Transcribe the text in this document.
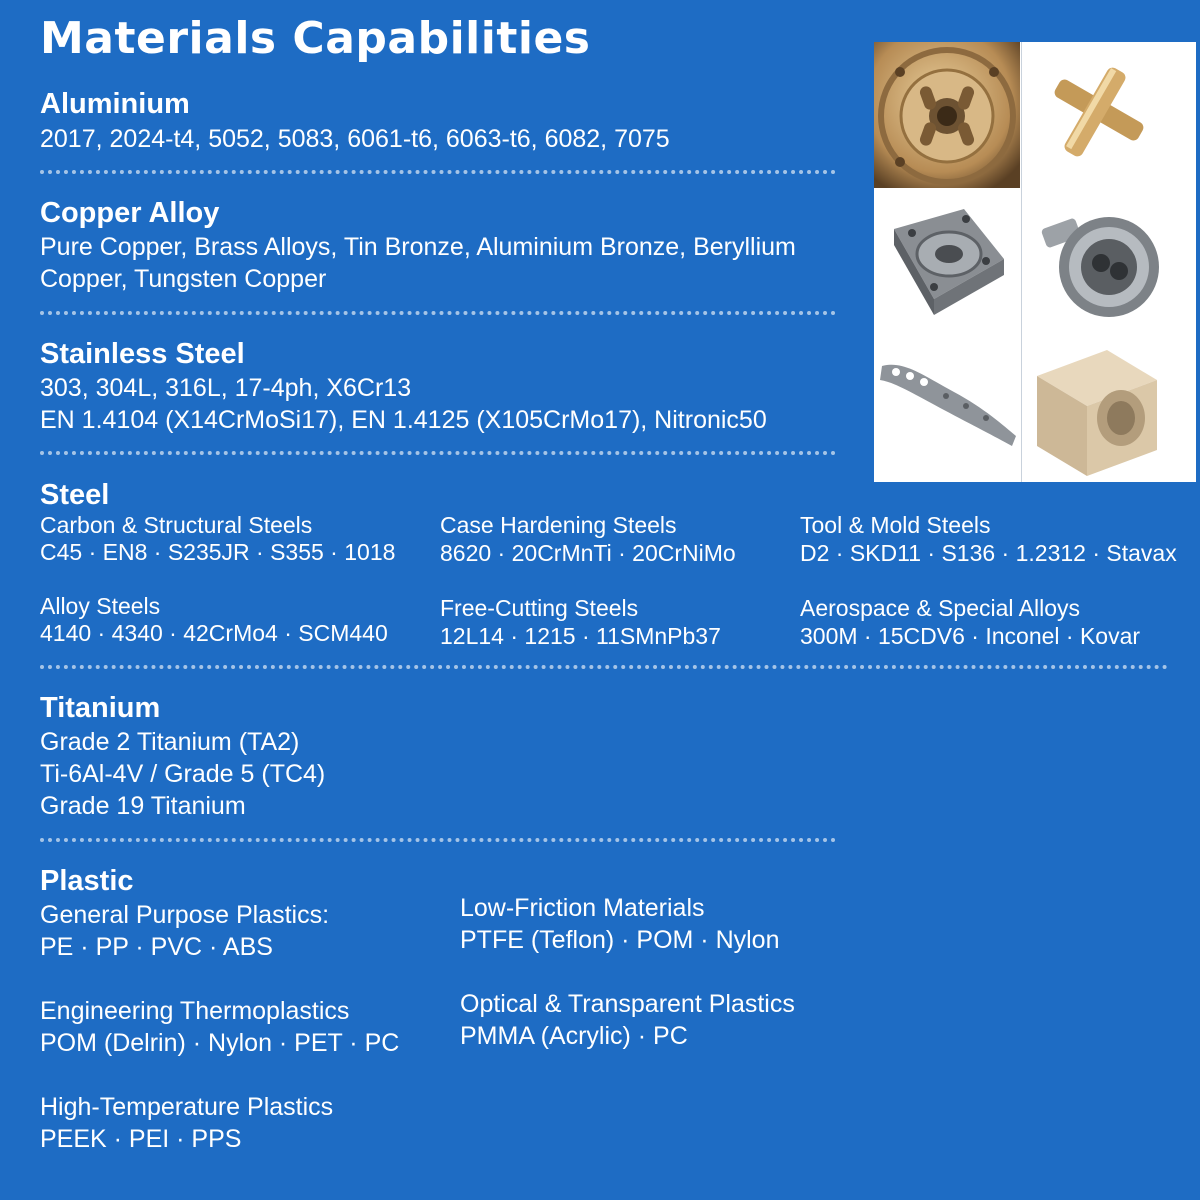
Materials Capabilities
Aluminium
2017, 2024-t4, 5052, 5083, 6061-t6, 6063-t6, 6082, 7075
Copper Alloy
Pure Copper, Brass Alloys, Tin Bronze, Aluminium Bronze, Beryllium
Copper, Tungsten Copper
Stainless Steel
303, 304L, 316L, 17-4ph, X6Cr13
EN 1.4104 (X14CrMoSi17), EN 1.4125 (X105CrMo17), Nitronic50
Steel
Carbon & Structural Steels
C45 · EN8 · S235JR · S355 · 1018
Case Hardening Steels
8620 · 20CrMnTi · 20CrNiMo
Tool & Mold Steels
D2 · SKD11 · S136 · 1.2312 · Stavax
Alloy Steels
4140 · 4340 · 42CrMo4 · SCM440
Free-Cutting Steels
12L14 · 1215 · 11SMnPb37
Aerospace & Special Alloys
300M · 15CDV6 · Inconel · Kovar
Titanium
Grade 2 Titanium (TA2)
Ti-6Al-4V / Grade 5 (TC4)
Grade 19 Titanium
Plastic
General Purpose Plastics:
PE · PP · PVC · ABS
Engineering Thermoplastics
POM (Delrin) · Nylon · PET · PC
High-Temperature Plastics
PEEK · PEI · PPS
Low-Friction Materials
PTFE (Teflon) · POM · Nylon
Optical & Transparent Plastics
PMMA (Acrylic) · PC
